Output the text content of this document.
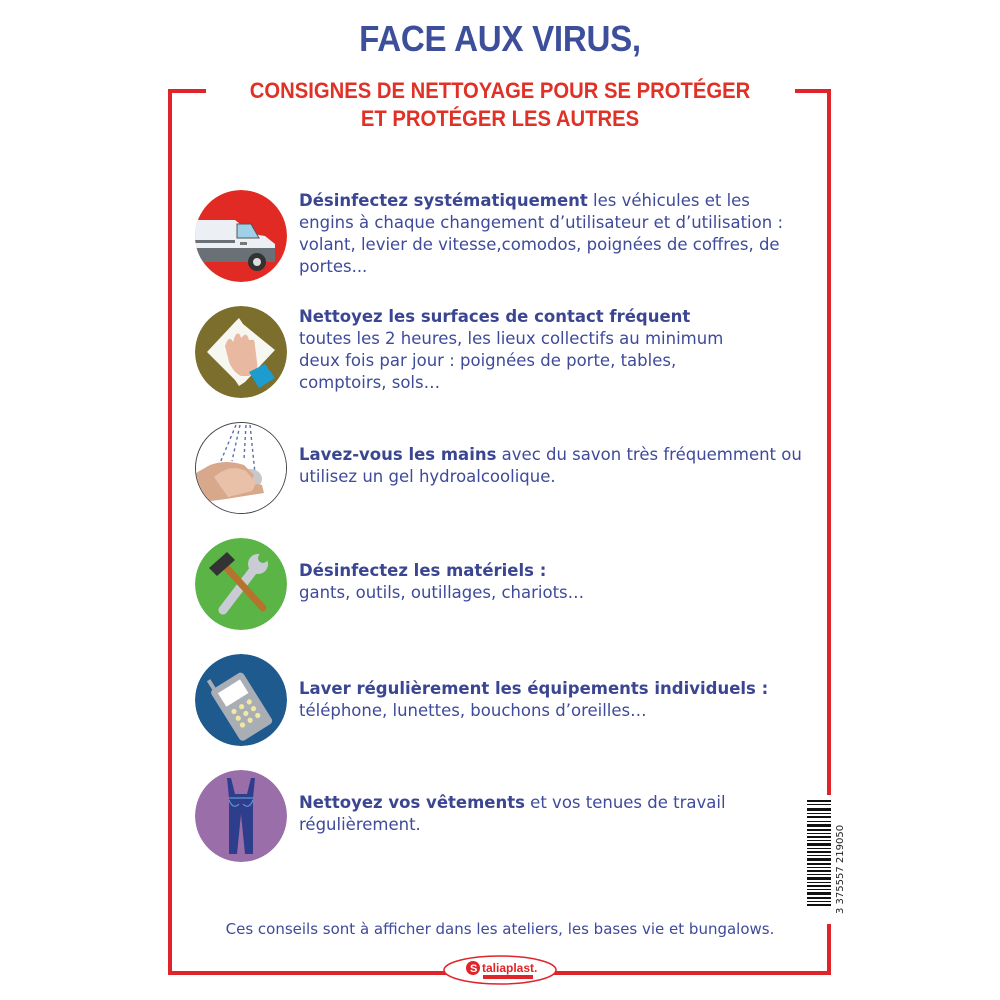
FACE AUX VIRUS,
CONSIGNES DE NETTOYAGE POUR SE PROTÉGER
ET PROTÉGER LES AUTRES
Désinfectez systématiquement les véhicules et les engins à chaque changement d’utilisateur et d’utilisation : volant, levier de vitesse,comodos, poignées de coffres, de portes...
Nettoyez les surfaces de contact fréquent
toutes les 2 heures, les lieux collectifs au minimum deux fois par jour : poignées de porte, tables, comptoirs, sols…
Lavez-vous les mains avec du savon très fréquemment ou utilisez un gel hydroalcoolique.
Désinfectez les matériels :
gants, outils, outillages, chariots…
Laver régulièrement les équipements individuels :
téléphone, lunettes, bouchons d’oreilles…
Nettoyez vos vêtements et vos tenues de travail régulièrement.
3 375557 219050
Ces conseils sont à afficher dans les ateliers, les bases vie et bungalows.
S taliaplast.
